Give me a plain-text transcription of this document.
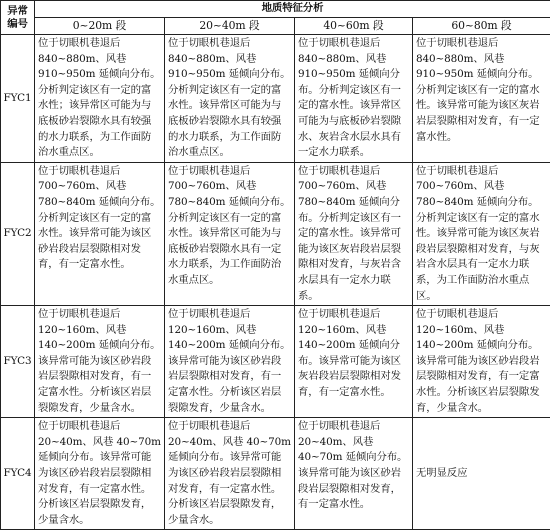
异常
编号	地质特征分析			
	0~20m 段	20~40m 段	40~60m 段	60~80m 段
FYC1	位于切眼机巷退后 840~880m、风巷 910~950m 延倾向分布。分析判定该区有一定的富水性；该异常区可能为与底板砂岩裂隙水具有较强的水力联系，为工作面防治水重点区。	位于切眼机巷退后 840~880m、风巷 910~950m 延倾向分布。分析判定该区有一定的富水性。该异常区可能为与底板砂岩裂隙水具有较强的水力联系，为工作面防治水重点区。	位于切眼机巷退后 840~880m、风巷 910~950m 延倾向分布。分析判定该区有一定的富水性。该异常区可能为与底板砂岩裂隙水、灰岩含水层水具有一定水力联系。	位于切眼机巷退后 840~880m、风巷 910~950m 延倾向分布。分析判定该区有一定的富水性。该异常可能为该区灰岩岩层裂隙相对发育，有一定富水性。
FYC2	位于切眼机巷退后 700~760m、风巷 780~840m 延倾向分布。分析判定该区有一定的富水性。该异常可能为该区砂岩段岩层裂隙相对发育，有一定富水性。	位于切眼机巷退后 700~760m、风巷 780~840m 延倾向分布。分析判定该区有一定的富水性。该异常区可能为与底板砂岩裂隙水具有一定水力联系，为工作面防治水重点区。	位于切眼机巷退后 700~760m、风巷 780~840m 延倾向分布。分析判定该区有一定的富水性。该异常可能为该区灰岩段岩层裂隙相对发育，与灰岩含水层具有一定水力联系。	位于切眼机巷退后 700~760m、风巷 780~840m 延倾向分布。分析判定该区有一定的富水性。该异常可能为该区灰岩段岩层裂隙相对发育，与灰岩含水层具有一定水力联系，为工作面防治水重点区。
FYC3	位于切眼机巷退后 120~160m、风巷 140~200m 延倾向分布。该异常可能为该区砂岩段岩层裂隙相对发育，有一定富水性。分析该区岩层裂隙发育，少量含水。	位于切眼机巷退后 120~160m、风巷 140~200m 延倾向分布。该异常可能为该区砂岩段岩层裂隙相对发育，有一定富水性。分析该区岩层裂隙发育，少量含水。	位于切眼机巷退后 120~160m、风巷 140~200m 延倾向分布。该异常可能为该区灰岩段岩层裂隙相对发育，有一定富水性。	位于切眼机巷退后 120~160m、风巷 140~200m 延倾向分布。该异常可能为该区砂岩段岩层裂隙相对发育，有一定富水性。分析该区岩层裂隙发育，少量含水。
FYC4	位于切眼机巷退后 20~40m、风巷 40~70m 延倾向分布。该异常可能为该区砂岩段岩层裂隙相对发育，有一定富水性。分析该区岩层裂隙发育，少量含水。	位于切眼机巷退后 20~40m、风巷 40~70m 延倾向分布。该异常可能为该区砂岩段岩层裂隙相对发育，有一定富水性。分析该区岩层裂隙发育，少量含水。	位于切眼机巷退后 20~40m、风巷 40~70m 延倾向分布。该异常可能为该区砂岩段岩层裂隙相对发育，有一定富水性。	无明显反应
